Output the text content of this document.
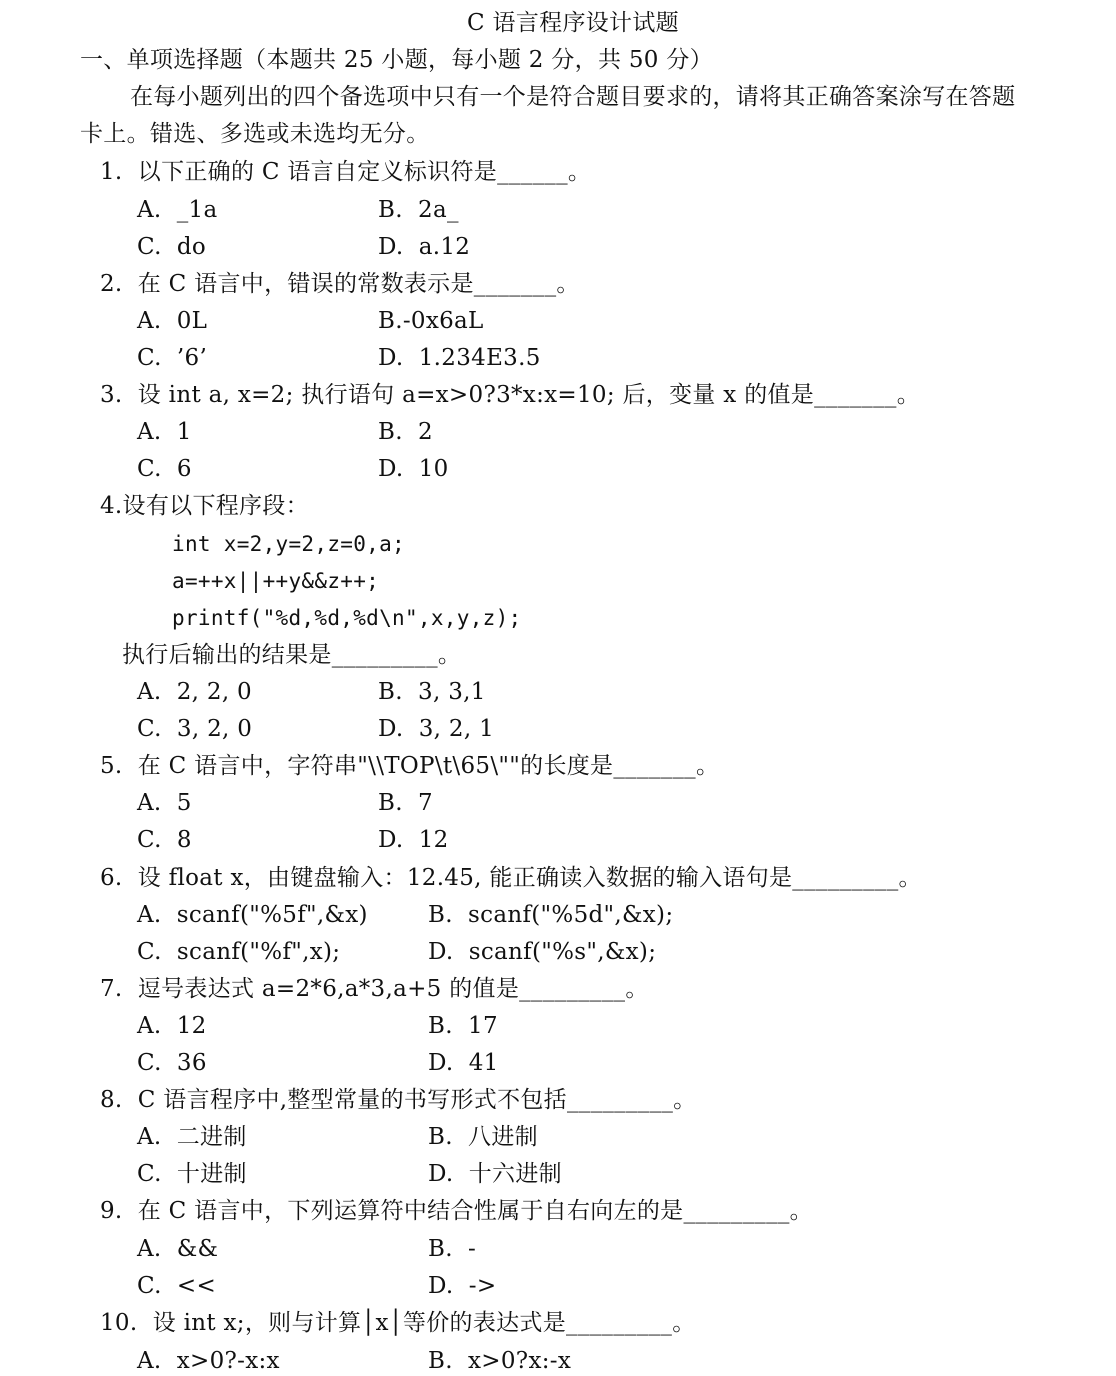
C 语言程序设计试题
一、单项选择题（本题共 25 小题，每小题 2 分，共 50 分）
在每小题列出的四个备选项中只有一个是符合题目要求的，请将其正确答案涂写在答题
卡上。错选、多选或未选均无分。
1.  以下正确的 C 语言自定义标识符是______。
A.  _1a	B.  2a_
C.  do	D.  a.12
2.  在 C 语言中，错误的常数表示是_______。
A.  0L	B.-0x6aL
C.  ’6’	D.  1.234E3.5
3.  设 int a, x=2; 执行语句 a=x>0?3*x:x=10; 后，变量 x 的值是_______。
A.  1	B.  2
C.  6	D.  10
4.设有以下程序段：
int x=2,y=2,z=0,a;
a=++x||++y&&z++;
printf("%d,%d,%d\n",x,y,z);
执行后输出的结果是_________。
A.  2, 2, 0	B.  3, 3,1
C.  3, 2, 0	D.  3, 2, 1
5.  在 C 语言中，字符串"\\TOP\t\65\""的长度是_______。
A.  5	B.  7
C.  8	D.  12
6.  设 float x，由键盘输入：12.45, 能正确读入数据的输入语句是_________。
A.  scanf("%5f",&x)	B.  scanf("%5d",&x);
C.  scanf("%f",x);	D.  scanf("%s",&x);
7.  逗号表达式 a=2*6,a*3,a+5 的值是_________。
A.  12	B.  17
C.  36	D.  41
8.  C 语言程序中,整型常量的书写形式不包括_________。
A.  二进制	B.  八进制
C.  十进制	D.  十六进制
9.  在 C 语言中，下列运算符中结合性属于自右向左的是_________。
A.  &&	B.  -
C.  <<	D.  ->
10.  设 int x;，则与计算│x│等价的表达式是_________。
A.  x>0?-x:x	B.  x>0?x:-x
